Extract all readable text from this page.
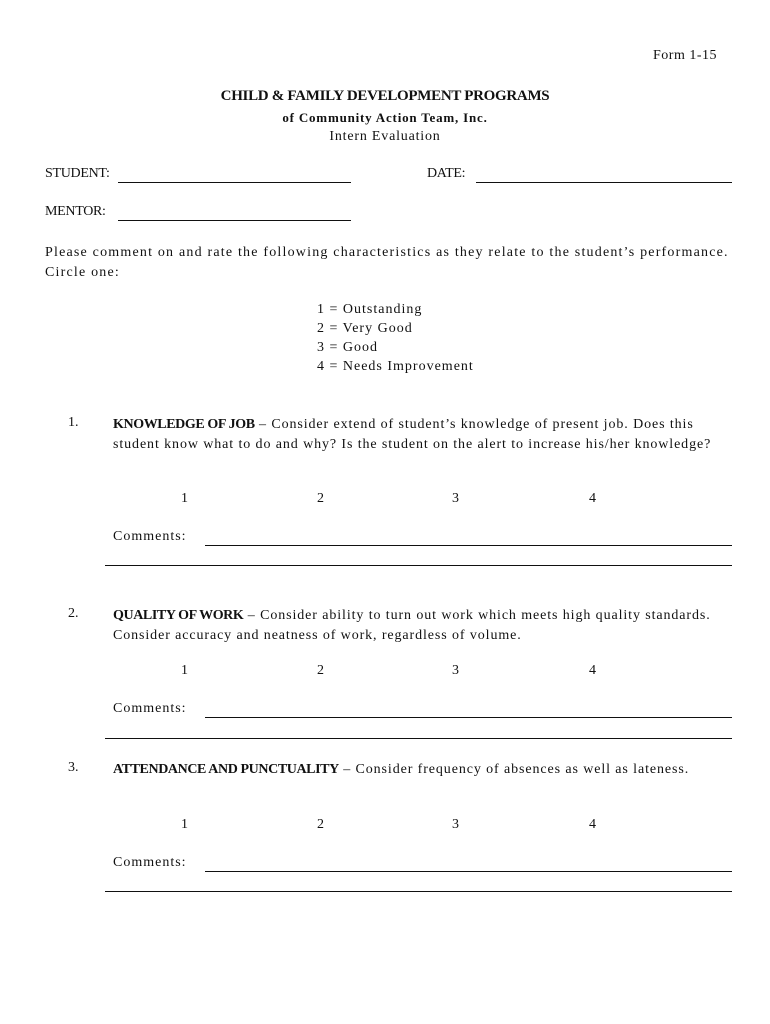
Form 1-15
CHILD & FAMILY DEVELOPMENT PROGRAMS
of Community Action Team, Inc.
Intern Evaluation
STUDENT:	DATE:
MENTOR:
Please comment on and rate the following characteristics as they relate to the student’s performance. Circle one:
1 = Outstanding
2 = Very Good
3 = Good
4 = Needs Improvement
1. KNOWLEDGE OF JOB – Consider extend of student’s knowledge of present job. Does this student know what to do and why? Is the student on the alert to increase his/her knowledge?
1	2	3	4
Comments:
2. QUALITY OF WORK – Consider ability to turn out work which meets high quality standards. Consider accuracy and neatness of work, regardless of volume.
1	2	3	4
Comments:
3. ATTENDANCE AND PUNCTUALITY – Consider frequency of absences as well as lateness.
1	2	3	4
Comments:
